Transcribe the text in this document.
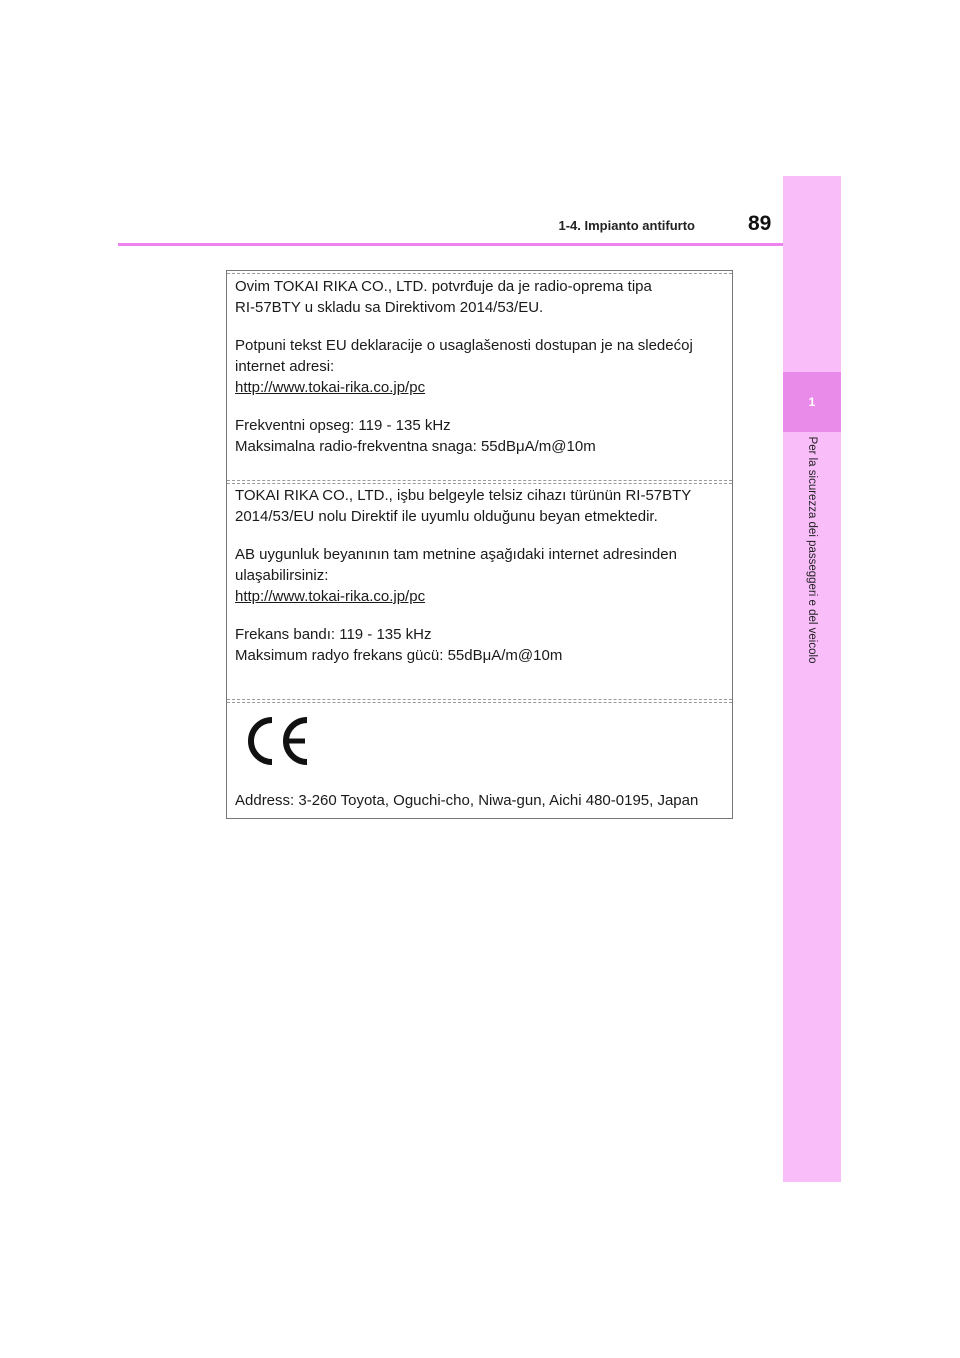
1
Per la sicurezza dei passeggeri e del veicolo
1-4. Impianto antifurto	89

Ovim TOKAI RIKA CO., LTD. potvrđuje da je radio-oprema tipa

RI-57BTY u skladu sa Direktivom 2014/53/EU.

Potpuni tekst EU deklaracije o usaglašenosti dostupan je na sledećoj

internet adresi:

http://www.tokai-rika.co.jp/pc

Frekventni opseg: 119 - 135 kHz

Maksimalna radio-frekventna snaga: 55dBμA/m@10m

TOKAI RIKA CO., LTD., işbu belgeyle telsiz cihazı türünün RI-57BTY

2014/53/EU nolu Direktif ile uyumlu olduğunu beyan etmektedir.

AB uygunluk beyanının tam metnine aşağıdaki internet adresinden

ulaşabilirsiniz:

http://www.tokai-rika.co.jp/pc

Frekans bandı: 119 - 135 kHz

Maksimum radyo frekans gücü: 55dBμA/m@10m

Address: 3-260 Toyota, Oguchi-cho, Niwa-gun, Aichi 480-0195, Japan
